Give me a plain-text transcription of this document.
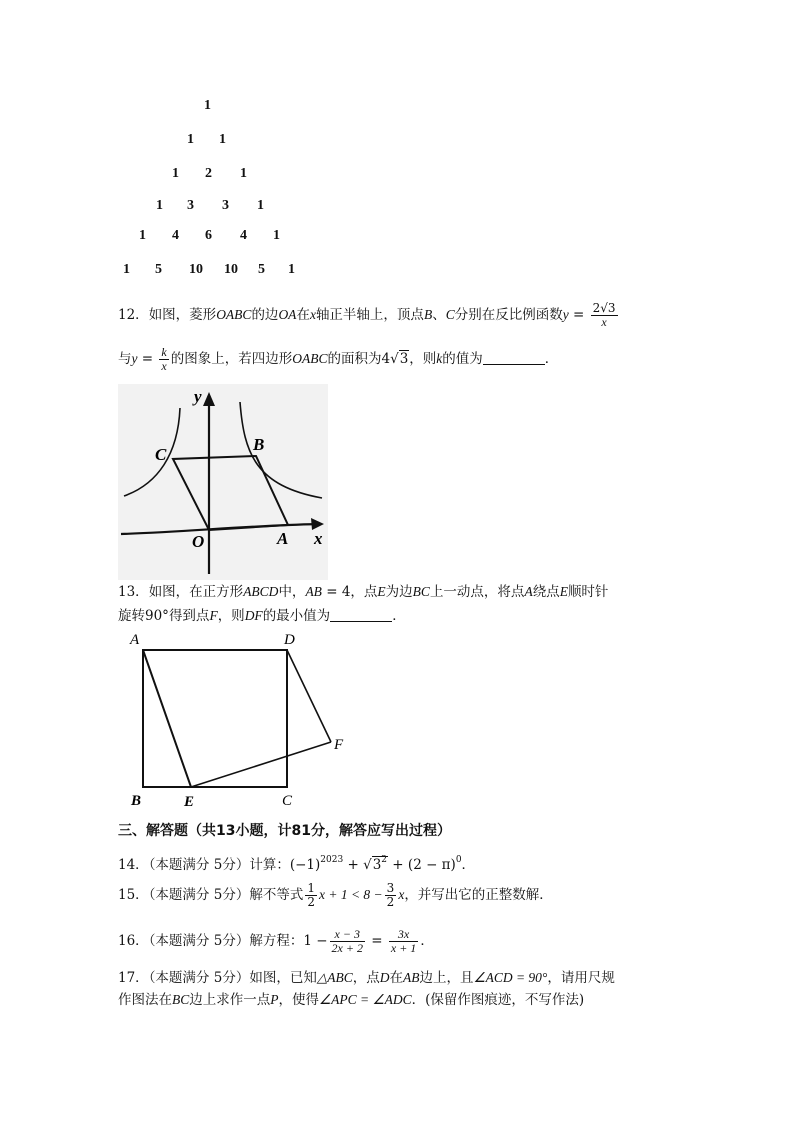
1
1 1
1 2 1
1 3 3 1
1 4 6 4 1
1 5 10 10 5 1
12．如图，菱形OABC的边OA在x轴正半轴上，顶点B、C分别在反比例函数$y = \frac{2√3}{x}$
与$y = \frac{k}{x}$ 的图象上，若四边形OABC的面积为4√3，则k的值为	．
y
x
C
B
O	A
13．如图，在正方形ABCD中，AB = 4，点E为边BC上一动点，将点A绕点E顺时针
旋转90°得到点F，则DF的最小值为	．
A	D
B	E	C
F
三、解答题（共13小题，计81分，解答应写出过程）
14．（本题满分 5分）计算：$(-1)^{2023} + √3^2 + (2 - \pi)^0$．
15．（本题满分 5分）解不等式 $\frac{1}{2}$ $x + 1 < 8 - \frac{3}{2}$ x，并写出它的正整数解．
16．（本题满分 5分）解方程：$1 - \frac{x - 3}{2x + 2} = \frac{3x}{x + 1}$ ．
17．（本题满分 5分）如图，已知△ABC，点D在AB边上，且∠ACD = 90°，请用尺规
作图法在BC边上求作一点P，使得∠APC = ∠ADC．(保留作图痕迹，不写作法)
